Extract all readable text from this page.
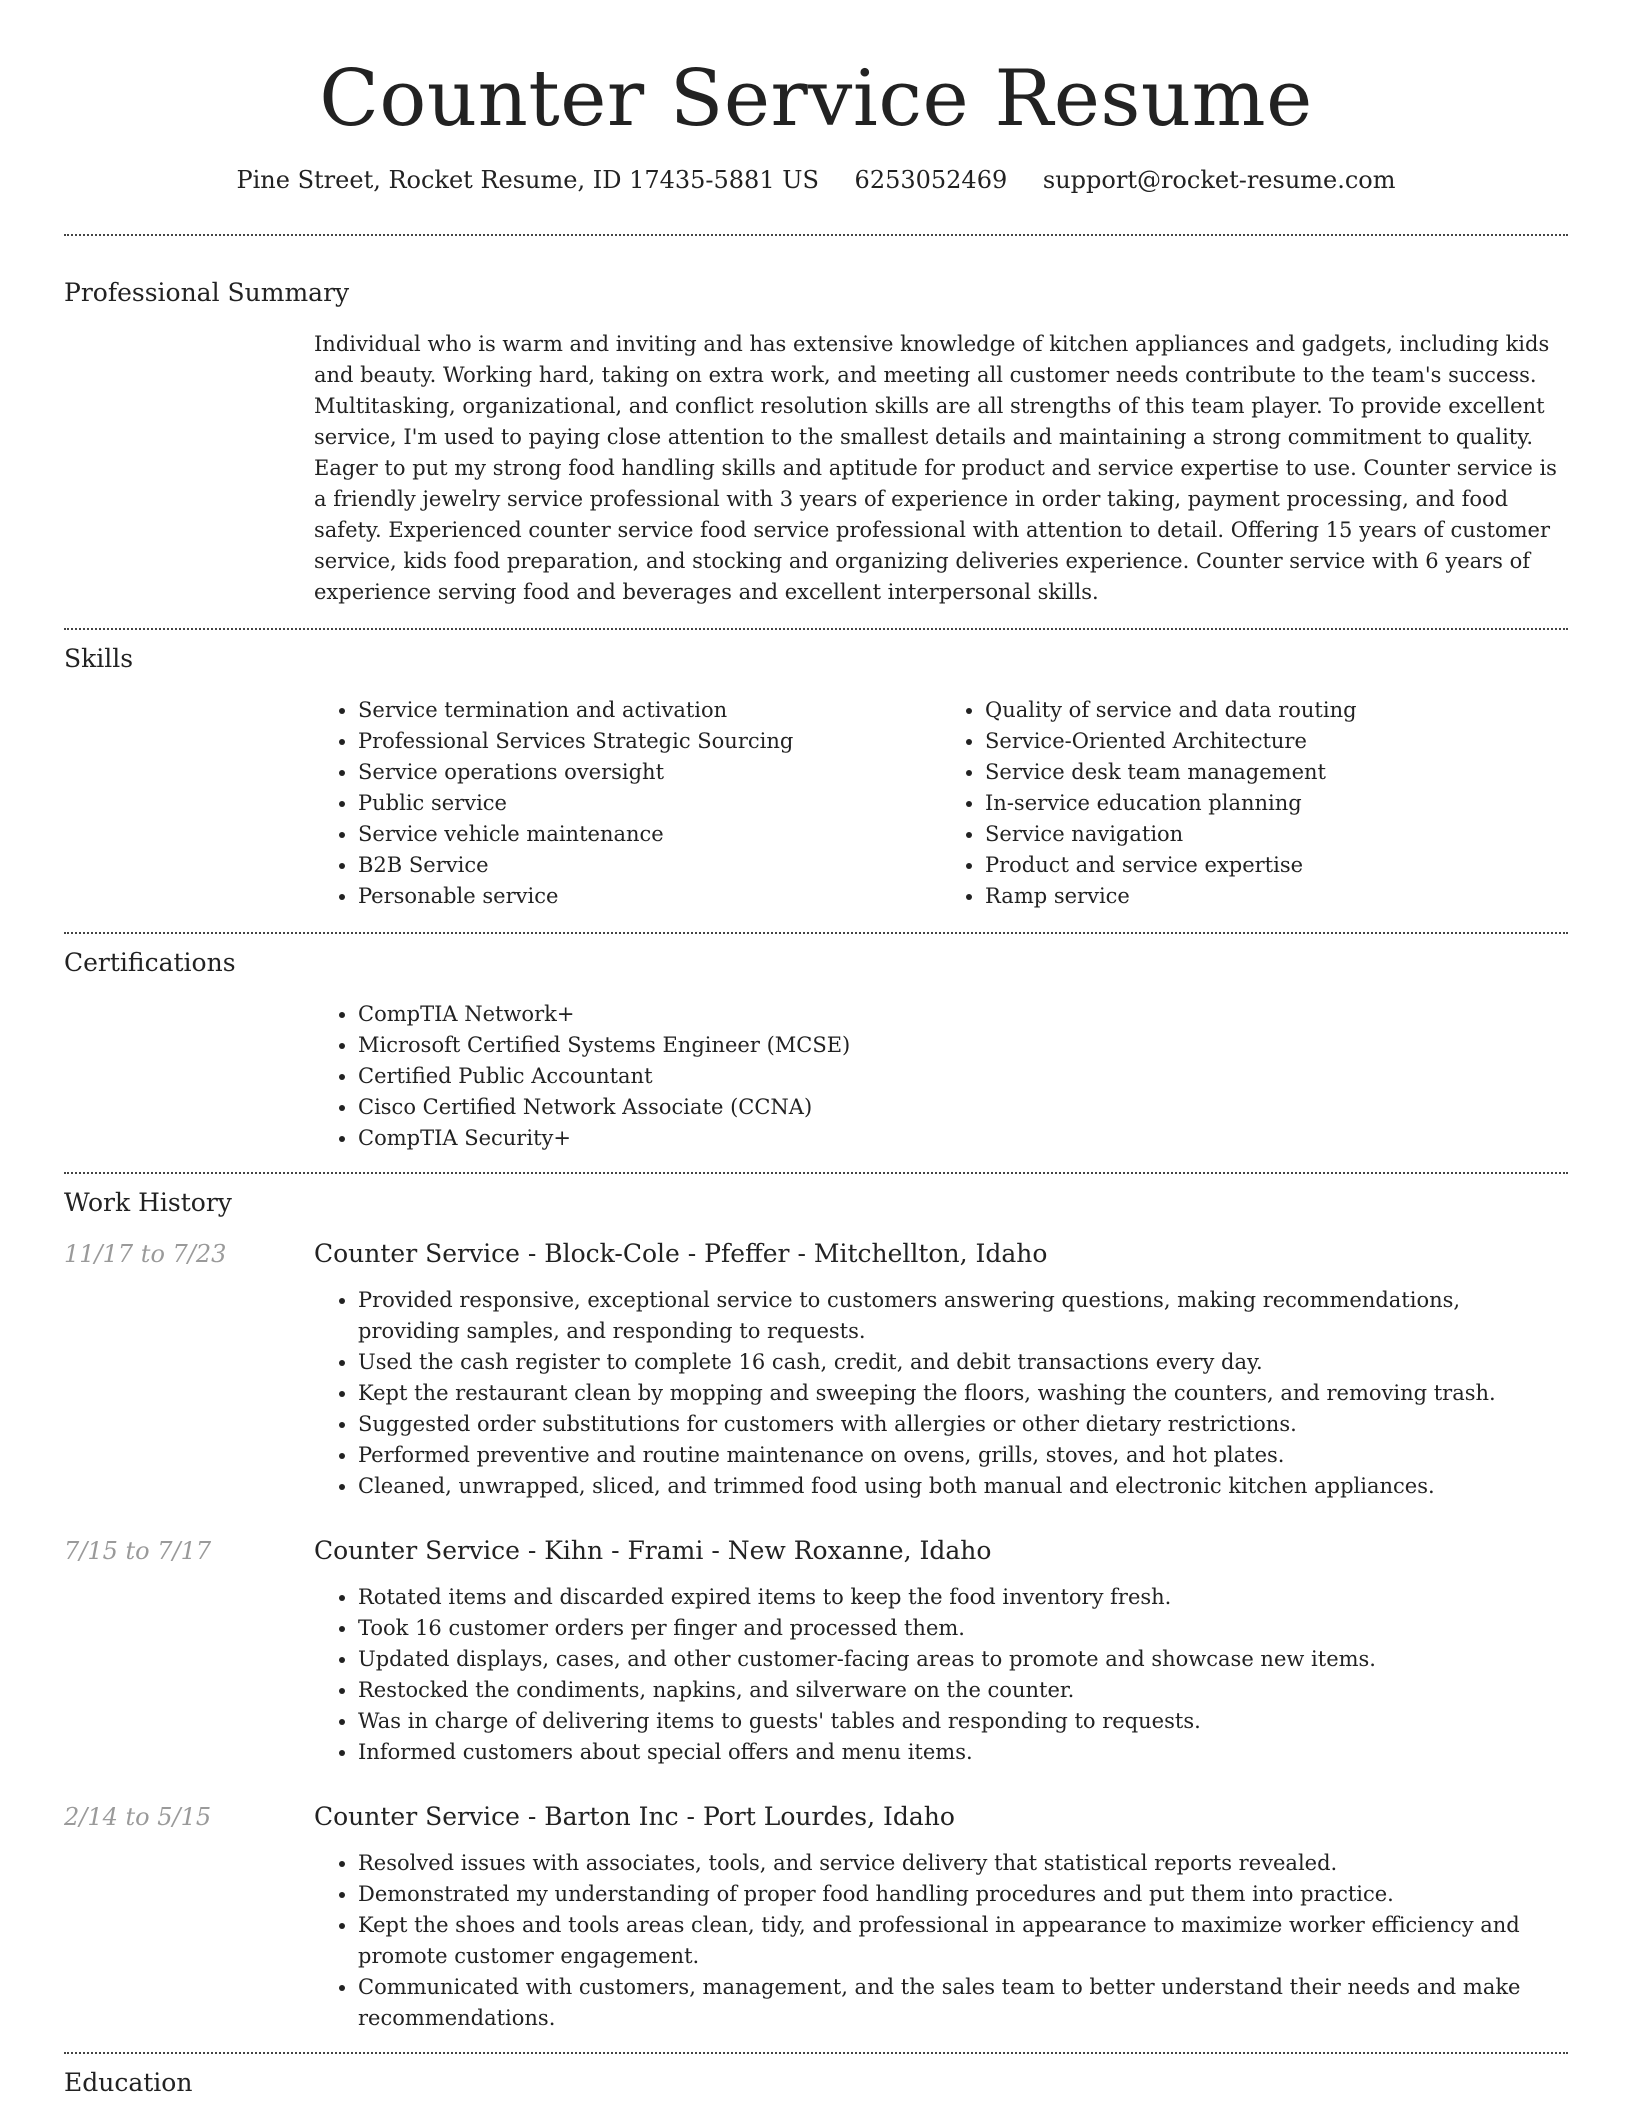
Counter Service Resume
Pine Street, Rocket Resume, ID 17435-5881 US 6253052469 support@rocket-resume.com
Professional Summary
Individual who is warm and inviting and has extensive knowledge of kitchen appliances and gadgets, including kids and beauty. Working hard, taking on extra work, and meeting all customer needs contribute to the team's success. Multitasking, organizational, and conflict resolution skills are all strengths of this team player. To provide excellent service, I'm used to paying close attention to the smallest details and maintaining a strong commitment to quality. Eager to put my strong food handling skills and aptitude for product and service expertise to use. Counter service is a friendly jewelry service professional with 3 years of experience in order taking, payment processing, and food safety. Experienced counter service food service professional with attention to detail. Offering 15 years of customer service, kids food preparation, and stocking and organizing deliveries experience. Counter service with 6 years of experience serving food and beverages and excellent interpersonal skills.
Skills
• Service termination and activation
• Professional Services Strategic Sourcing
• Service operations oversight
• Public service
• Service vehicle maintenance
• B2B Service
• Personable service
• Quality of service and data routing
• Service-Oriented Architecture
• Service desk team management
• In-service education planning
• Service navigation
• Product and service expertise
• Ramp service
Certifications
• CompTIA Network+
• Microsoft Certified Systems Engineer (MCSE)
• Certified Public Accountant
• Cisco Certified Network Associate (CCNA)
• CompTIA Security+
Work History
11/17 to 7/23	Counter Service - Block-Cole - Pfeffer - Mitchellton, Idaho
• Provided responsive, exceptional service to customers answering questions, making recommendations, providing samples, and responding to requests.
• Used the cash register to complete 16 cash, credit, and debit transactions every day.
• Kept the restaurant clean by mopping and sweeping the floors, washing the counters, and removing trash.
• Suggested order substitutions for customers with allergies or other dietary restrictions.
• Performed preventive and routine maintenance on ovens, grills, stoves, and hot plates.
• Cleaned, unwrapped, sliced, and trimmed food using both manual and electronic kitchen appliances.
7/15 to 7/17	Counter Service - Kihn - Frami - New Roxanne, Idaho
• Rotated items and discarded expired items to keep the food inventory fresh.
• Took 16 customer orders per finger and processed them.
• Updated displays, cases, and other customer-facing areas to promote and showcase new items.
• Restocked the condiments, napkins, and silverware on the counter.
• Was in charge of delivering items to guests' tables and responding to requests.
• Informed customers about special offers and menu items.
2/14 to 5/15	Counter Service - Barton Inc - Port Lourdes, Idaho
• Resolved issues with associates, tools, and service delivery that statistical reports revealed.
• Demonstrated my understanding of proper food handling procedures and put them into practice.
• Kept the shoes and tools areas clean, tidy, and professional in appearance to maximize worker efficiency and promote customer engagement.
• Communicated with customers, management, and the sales team to better understand their needs and make recommendations.
Education
